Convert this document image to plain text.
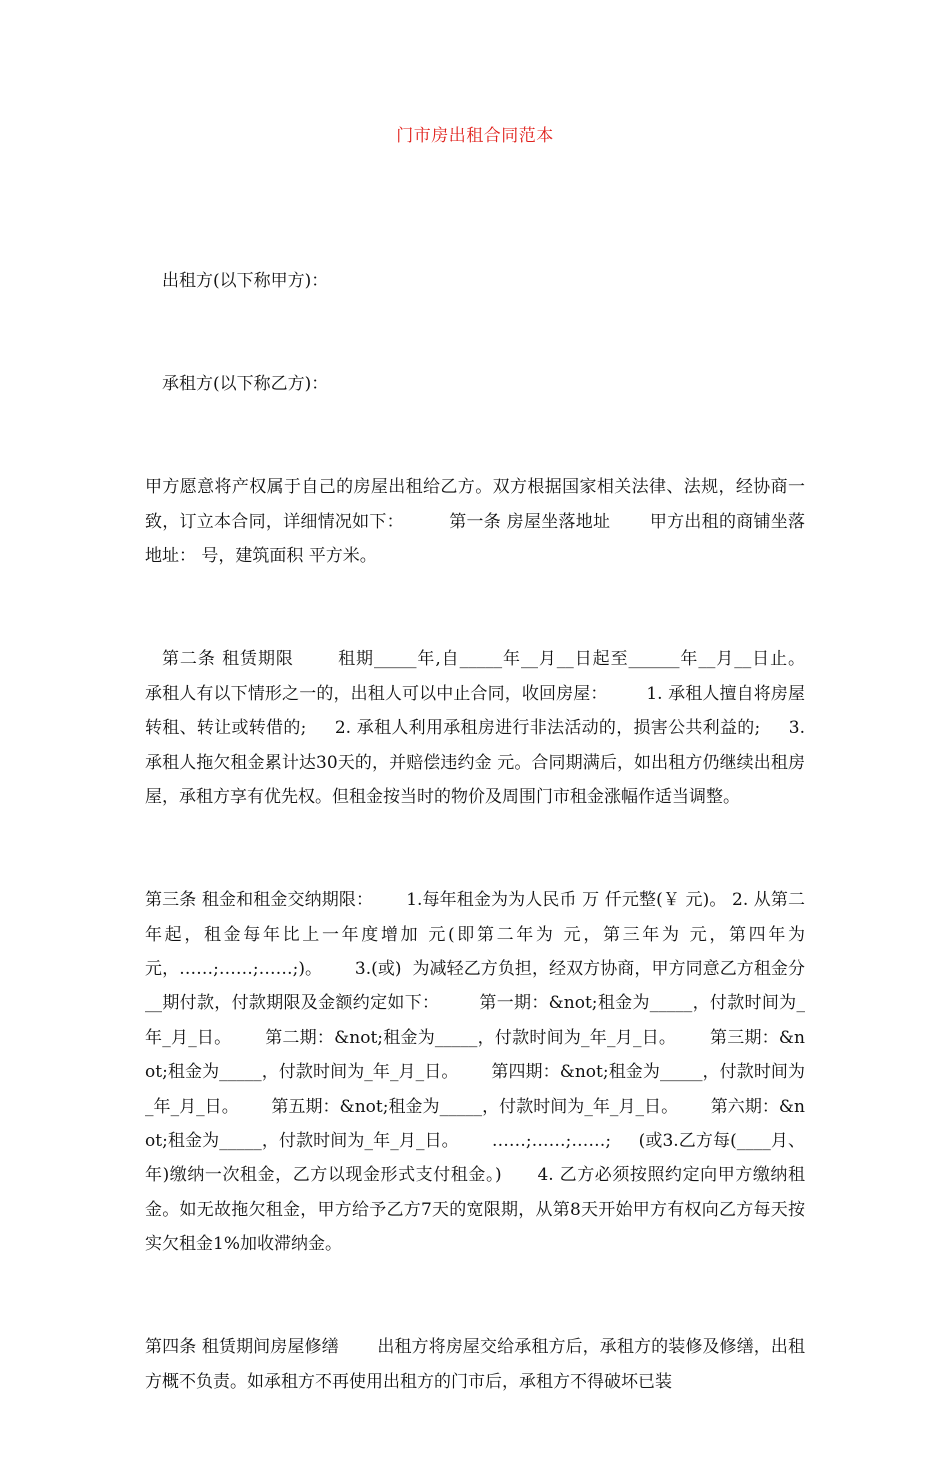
门市房出租合同范本

出租方(以下称甲方)：

承租方(以下称乙方)：

甲方愿意将产权属于自己的房屋出租给乙方。双方根据国家相关法律、法规，经协商一致，订立本合同，详细情况如下：        第一条 房屋坐落地址       甲方出租的商铺坐落地址： 号，建筑面积 平方米。

第二条 租赁期限       租期_____年,自_____年__月__日起至______年__月__日止。       承租人有以下情形之一的，出租人可以中止合同，收回房屋：       1. 承租人擅自将房屋转租、转让或转借的;     2. 承租人利用承租房进行非法活动的，损害公共利益的;     3. 承租人拖欠租金累计达30天的，并赔偿违约金 元。合同期满后，如出租方仍继续出租房屋，承租方享有优先权。但租金按当时的物价及周围门市租金涨幅作适当调整。

第三条 租金和租金交纳期限：      1.每年租金为为人民币 万 仟元整(￥ 元)。 2. 从第二年起，租金每年比上一年度增加 元(即第二年为 元，第三年为 元，第四年为 元，……;……;……;)。      3.(或)  为减轻乙方负担，经双方协商，甲方同意乙方租金分__期付款，付款期限及金额约定如下：       第一期：&not;租金为_____，付款时间为_年_月_日。      第二期：&not;租金为_____，付款时间为_年_月_日。      第三期：&not;租金为_____，付款时间为_年_月_日。      第四期：&not;租金为_____，付款时间为_年_月_日。      第五期：&not;租金为_____，付款时间为_年_月_日。      第六期：&not;租金为_____，付款时间为_年_月_日。      ……;……;……;     (或3.乙方每(____月、年)缴纳一次租金，乙方以现金形式支付租金。)      4. 乙方必须按照约定向甲方缴纳租金。如无故拖欠租金，甲方给予乙方7天的宽限期，从第8天开始甲方有权向乙方每天按实欠租金1%加收滞纳金。

第四条 租赁期间房屋修缮       出租方将房屋交给承租方后，承租方的装修及修缮，出租方概不负责。如承租方不再使用出租方的门市后，承租方不得破坏已装
